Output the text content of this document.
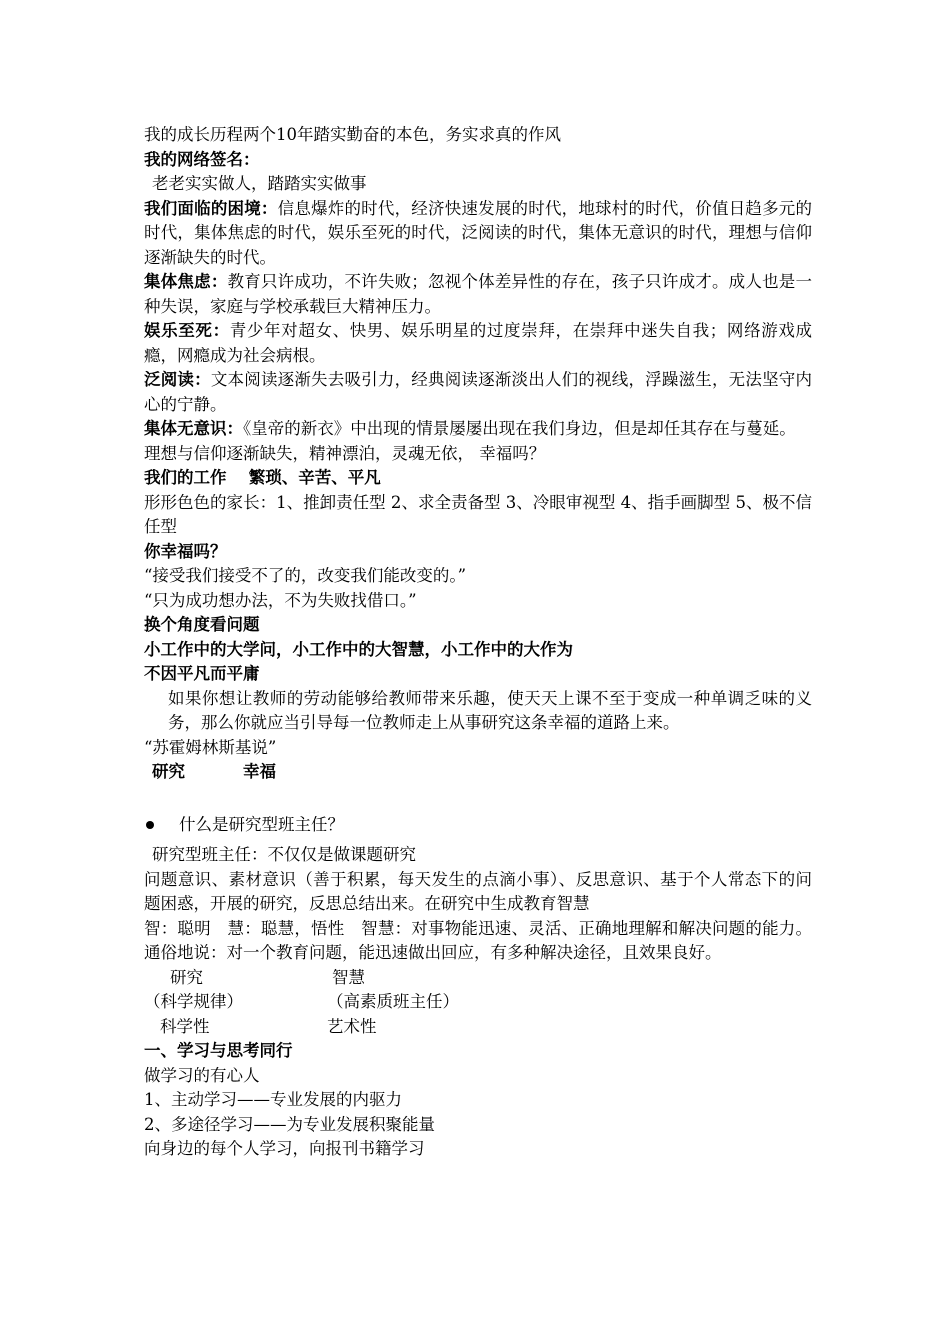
我的成长历程两个10年踏实勤奋的本色，务实求真的作风
我的网络签名：
老老实实做人，踏踏实实做事
我们面临的困境：信息爆炸的时代，经济快速发展的时代，地球村的时代，价值日趋多元的时代，集体焦虑的时代，娱乐至死的时代，泛阅读的时代，集体无意识的时代，理想与信仰逐渐缺失的时代。
集体焦虑：教育只许成功，不许失败；忽视个体差异性的存在，孩子只许成才。成人也是一种失误，家庭与学校承载巨大精神压力。
娱乐至死：青少年对超女、快男、娱乐明星的过度崇拜，在崇拜中迷失自我；网络游戏成瘾，网瘾成为社会病根。
泛阅读：文本阅读逐渐失去吸引力，经典阅读逐渐淡出人们的视线，浮躁滋生，无法坚守内心的宁静。
集体无意识：《皇帝的新衣》中出现的情景屡屡出现在我们身边，但是却任其存在与蔓延。
理想与信仰逐渐缺失，精神漂泊，灵魂无依， 幸福吗？
我们的工作　 繁琐、辛苦、平凡
形形色色的家长：1、推卸责任型 2、求全责备型 3、冷眼审视型 4、指手画脚型 5、极不信任型
你幸福吗？
“接受我们接受不了的，改变我们能改变的。”
“只为成功想办法，不为失败找借口。”
换个角度看问题
小工作中的大学问，小工作中的大智慧，小工作中的大作为
不因平凡而平庸
如果你想让教师的劳动能够给教师带来乐趣，使天天上课不至于变成一种单调乏味的义务，那么你就应当引导每一位教师走上从事研究这条幸福的道路上来。
“苏霍姆林斯基说”
研究	幸福
什么是研究型班主任？
研究型班主任：不仅仅是做课题研究
问题意识、素材意识（善于积累，每天发生的点滴小事）、反思意识、基于个人常态下的问题困惑，开展的研究，反思总结出来。在研究中生成教育智慧
智：聪明　慧：聪慧，悟性　智慧：对事物能迅速、灵活、正确地理解和解决问题的能力。通俗地说：对一个教育问题，能迅速做出回应，有多种解决途径，且效果良好。
研究	智慧
（科学规律）	（高素质班主任）
科学性	艺术性
一、学习与思考同行
做学习的有心人
1、主动学习——专业发展的内驱力
2、多途径学习——为专业发展积聚能量
向身边的每个人学习，向报刊书籍学习
